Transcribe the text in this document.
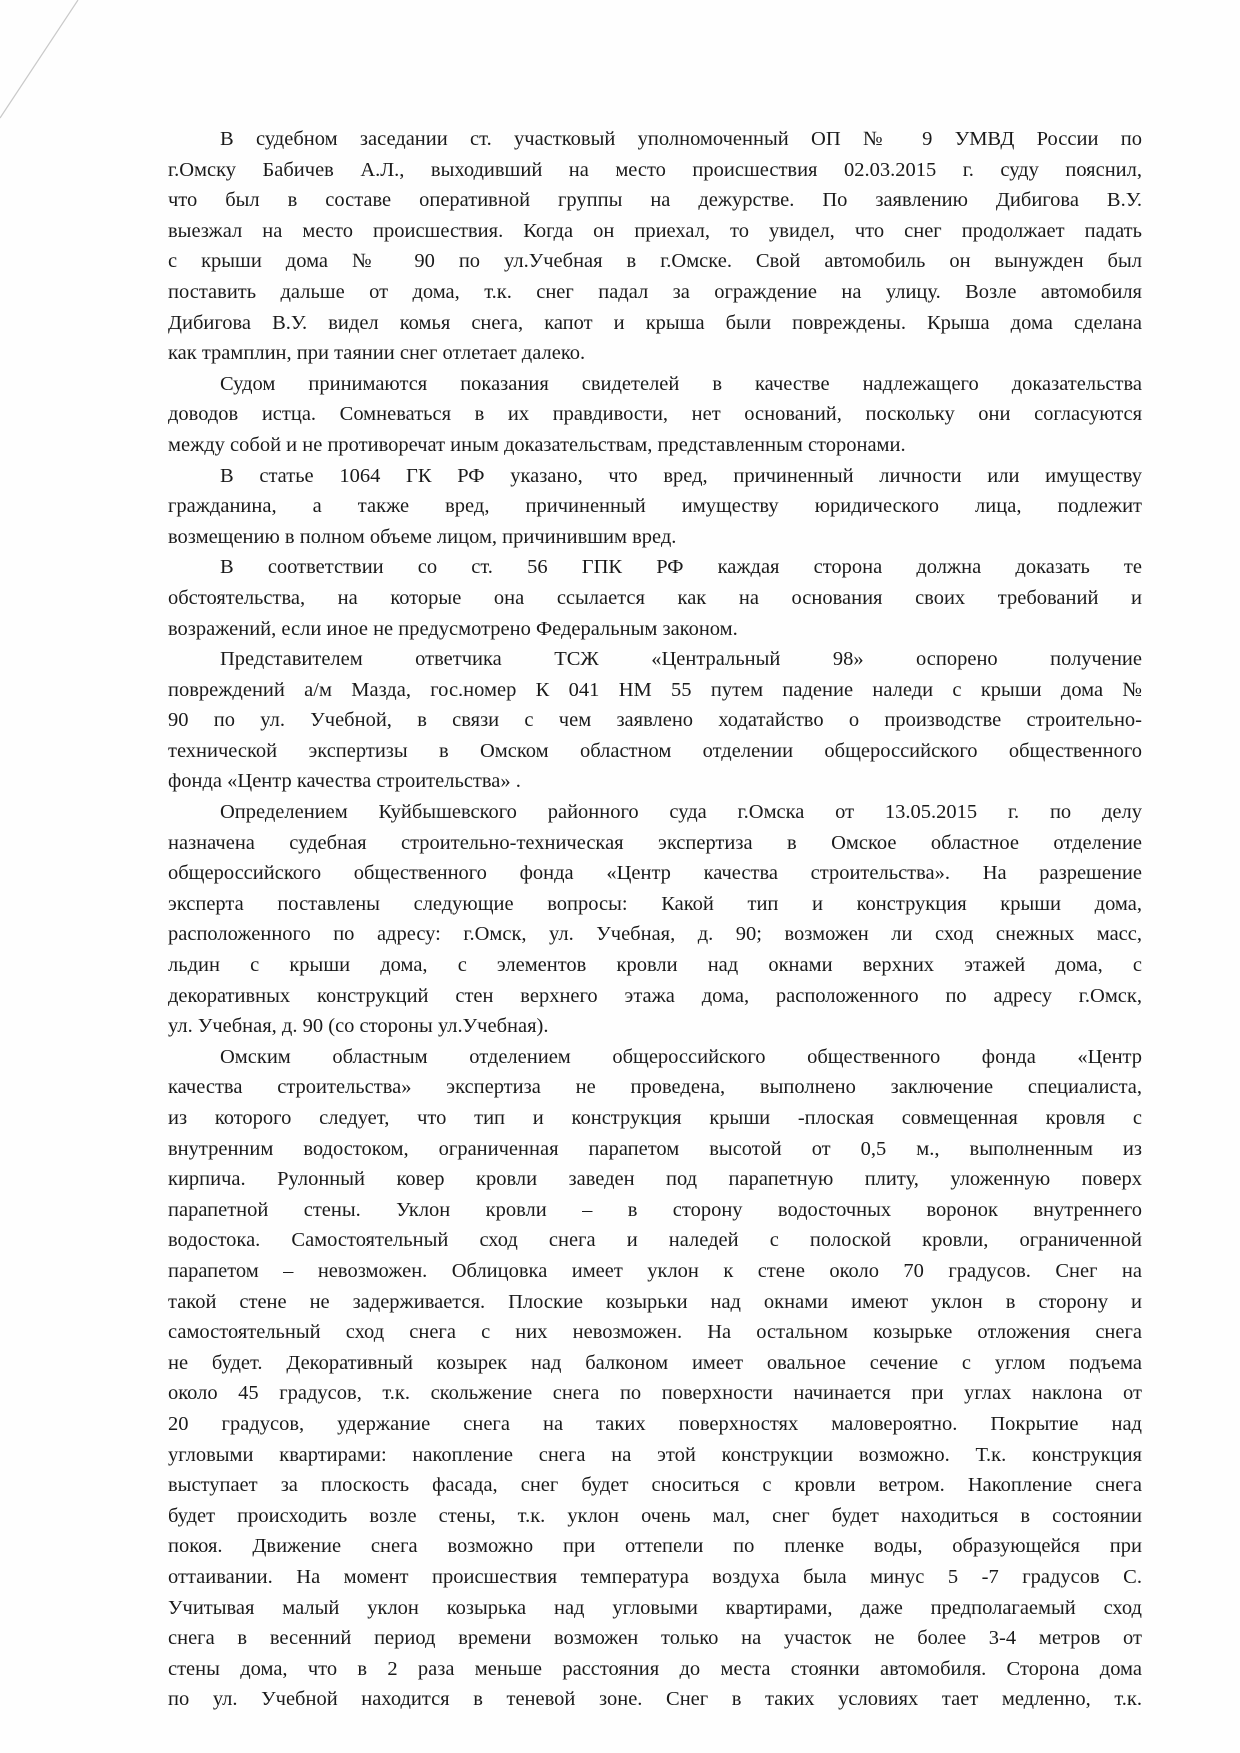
В судебном заседании ст. участковый уполномоченный ОП № 9 УМВД России по
г.Омску Бабичев А.Л., выходивший на место происшествия 02.03.2015 г. суду пояснил,
что был в составе оперативной группы на дежурстве. По заявлению Дибигова В.У.
выезжал на место происшествия. Когда он приехал, то увидел, что снег продолжает падать
с крыши дома № 90 по ул.Учебная в г.Омске. Свой автомобиль он вынужден был
поставить дальше от дома, т.к. снег падал за ограждение на улицу. Возле автомобиля
Дибигова В.У. видел комья снега, капот и крыша были повреждены. Крыша дома сделана
как трамплин, при таянии снег отлетает далеко.
Судом принимаются показания свидетелей в качестве надлежащего доказательства
доводов истца. Сомневаться в их правдивости, нет оснований, поскольку они согласуются
между собой и не противоречат иным доказательствам, представленным сторонами.
В статье 1064 ГК РФ указано, что вред, причиненный личности или имуществу
гражданина, а также вред, причиненный имуществу юридического лица, подлежит
возмещению в полном объеме лицом, причинившим вред.
В соответствии со ст. 56 ГПК РФ каждая сторона должна доказать те
обстоятельства, на которые она ссылается как на основания своих требований и
возражений, если иное не предусмотрено Федеральным законом.
Представителем ответчика ТСЖ «Центральный 98» оспорено получение
повреждений а/м Мазда, гос.номер К 041 НМ 55 путем падение наледи с крыши дома №
90 по ул. Учебной, в связи с чем заявлено ходатайство о производстве строительно-
технической экспертизы в Омском областном отделении общероссийского общественного
фонда «Центр качества строительства» .
Определением Куйбышевского районного суда г.Омска от 13.05.2015 г. по делу
назначена судебная строительно-техническая экспертиза в Омское областное отделение
общероссийского общественного фонда «Центр качества строительства». На разрешение
эксперта поставлены следующие вопросы: Какой тип и конструкция крыши дома,
расположенного по адресу: г.Омск, ул. Учебная, д. 90; возможен ли сход снежных масс,
льдин с крыши дома, с элементов кровли над окнами верхних этажей дома, с
декоративных конструкций стен верхнего этажа дома, расположенного по адресу г.Омск,
ул. Учебная, д. 90 (со стороны ул.Учебная).
Омским областным отделением общероссийского общественного фонда «Центр
качества строительства» экспертиза не проведена, выполнено заключение специалиста,
из которого следует, что тип и конструкция крыши -плоская совмещенная кровля с
внутренним водостоком, ограниченная парапетом высотой от 0,5 м., выполненным из
кирпича. Рулонный ковер кровли заведен под парапетную плиту, уложенную поверх
парапетной стены. Уклон кровли – в сторону водосточных воронок внутреннего
водостока. Самостоятельный сход снега и наледей с полоской кровли, ограниченной
парапетом – невозможен. Облицовка имеет уклон к стене около 70 градусов. Снег на
такой стене не задерживается. Плоские козырьки над окнами имеют уклон в сторону и
самостоятельный сход снега с них невозможен. На остальном козырьке отложения снега
не будет. Декоративный козырек над балконом имеет овальное сечение с углом подъема
около 45 градусов, т.к. скольжение снега по поверхности начинается при углах наклона от
20 градусов, удержание снега на таких поверхностях маловероятно. Покрытие над
угловыми квартирами: накопление снега на этой конструкции возможно. Т.к. конструкция
выступает за плоскость фасада, снег будет сноситься с кровли ветром. Накопление снега
будет происходить возле стены, т.к. уклон очень мал, снег будет находиться в состоянии
покоя. Движение снега возможно при оттепели по пленке воды, образующейся при
оттаивании. На момент происшествия температура воздуха была минус 5 -7 градусов С.
Учитывая малый уклон козырька над угловыми квартирами, даже предполагаемый сход
снега в весенний период времени возможен только на участок не более 3-4 метров от
стены дома, что в 2 раза меньше расстояния до места стоянки автомобиля. Сторона дома
по ул. Учебной находится в теневой зоне. Снег в таких условиях тает медленно, т.к.
